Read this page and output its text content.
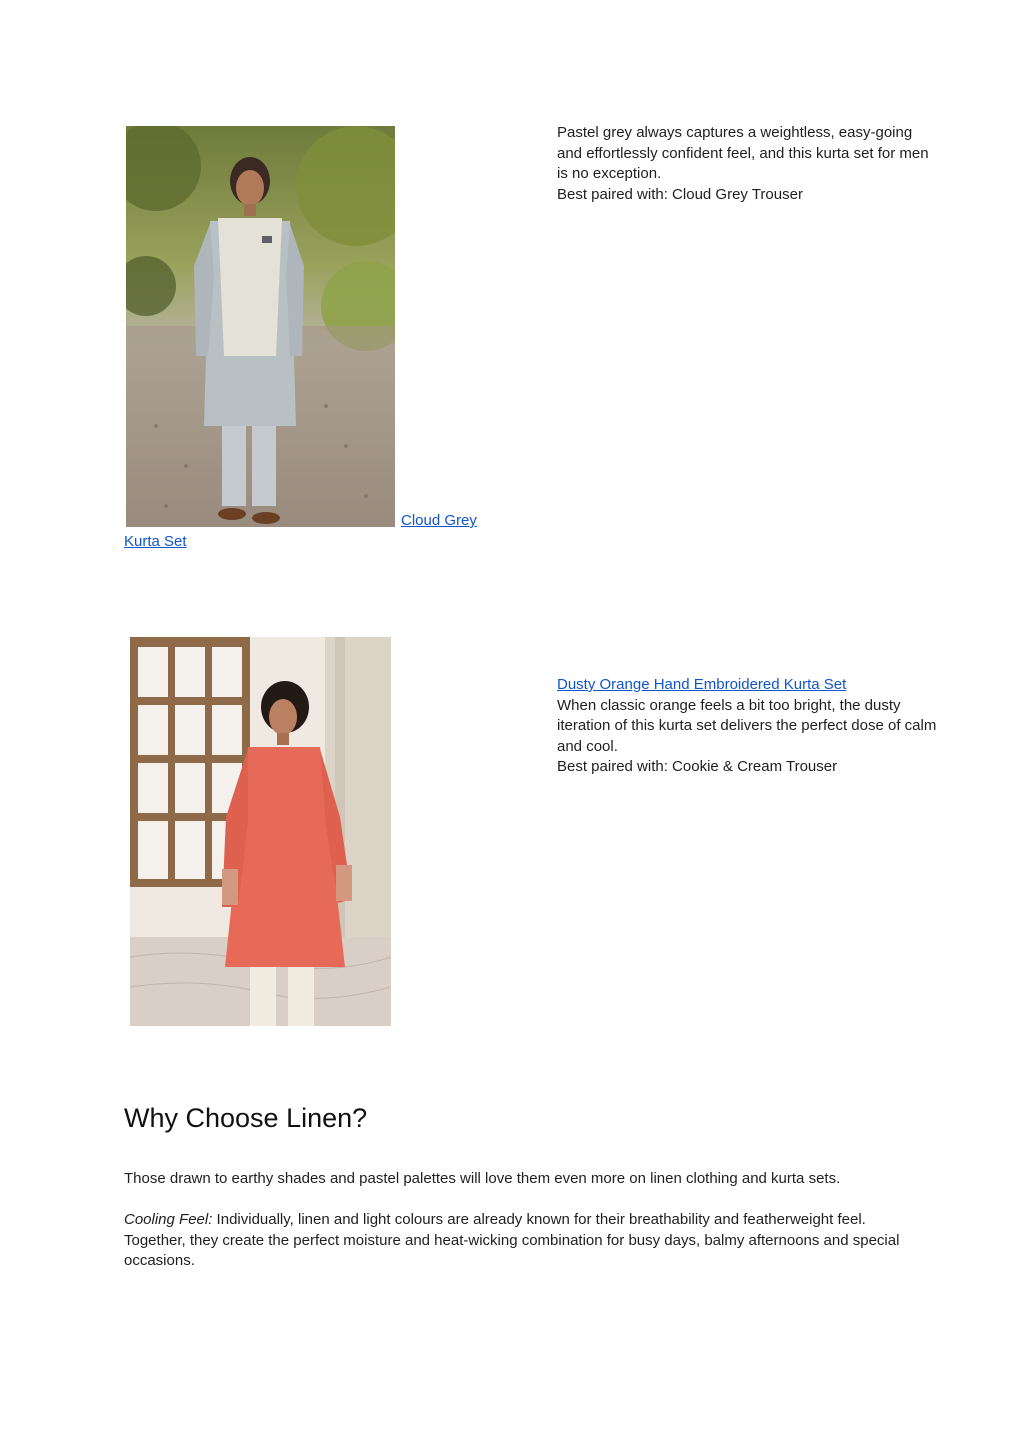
Cloud Grey
Kurta Set
Pastel grey always captures a weightless, easy-going and effortlessly confident feel, and this kurta set for men is no exception.
Best paired with: Cloud Grey Trouser
Dusty Orange Hand Embroidered Kurta Set
When classic orange feels a bit too bright, the dusty iteration of this kurta set delivers the perfect dose of calm and cool.
Best paired with: Cookie & Cream Trouser
Why Choose Linen?
Those drawn to earthy shades and pastel palettes will love them even more on linen clothing and kurta sets.
Cooling Feel: Individually, linen and light colours are already known for their breathability and featherweight feel. Together, they create the perfect moisture and heat-wicking combination for busy days, balmy afternoons and special occasions.
